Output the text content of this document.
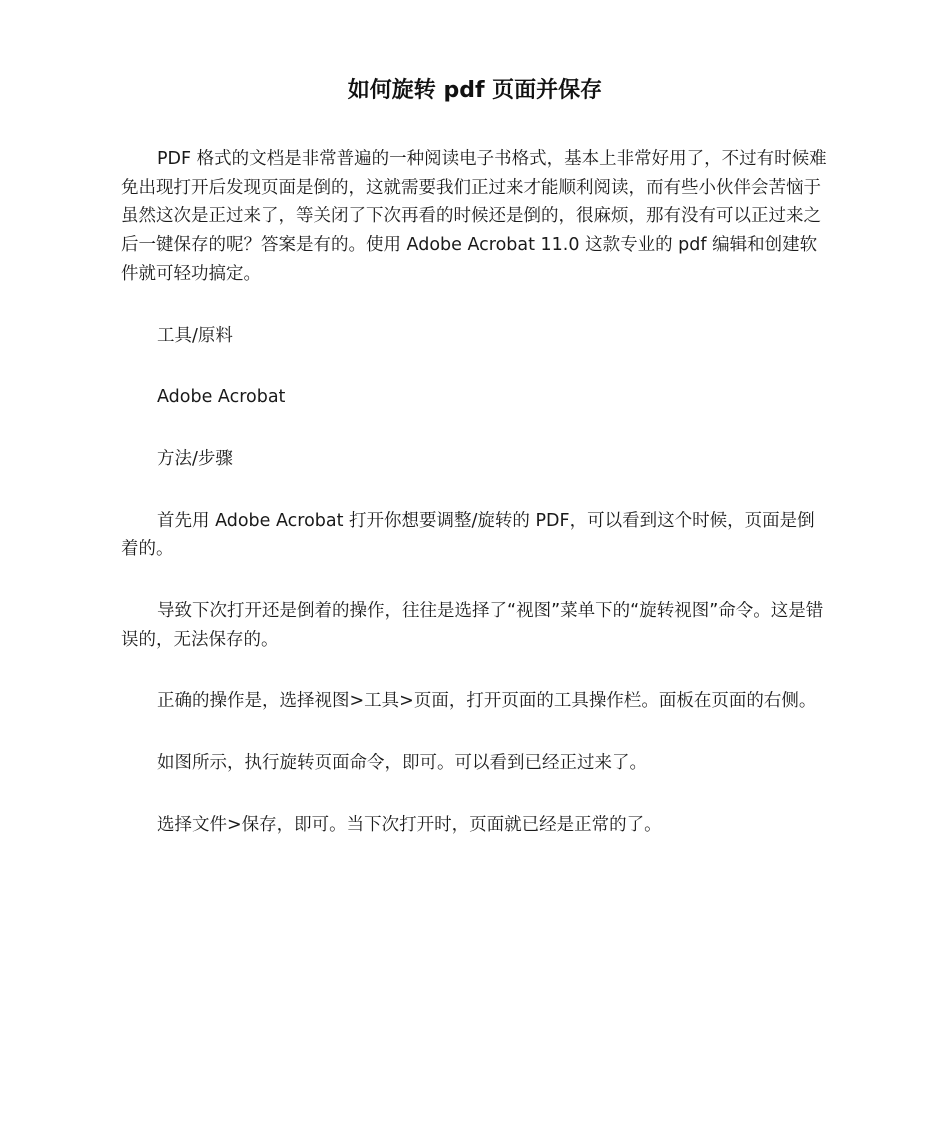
如何旋转 pdf 页面并保存

PDF 格式的文档是非常普遍的一种阅读电子书格式，基本上非常好用了，不过有时候难免出现打开后发现页面是倒的，这就需要我们正过来才能顺利阅读，而有些小伙伴会苦恼于虽然这次是正过来了，等关闭了下次再看的时候还是倒的，很麻烦，那有没有可以正过来之后一键保存的呢？答案是有的。使用 Adobe Acrobat 11.0 这款专业的 pdf 编辑和创建软件就可轻功搞定。

工具/原料

Adobe Acrobat

方法/步骤

首先用 Adobe Acrobat 打开你想要调整/旋转的 PDF，可以看到这个时候，页面是倒着的。

导致下次打开还是倒着的操作，往往是选择了“视图”菜单下的“旋转视图”命令。这是错误的，无法保存的。

正确的操作是，选择视图>工具>页面，打开页面的工具操作栏。面板在页面的右侧。

如图所示，执行旋转页面命令，即可。可以看到已经正过来了。

选择文件>保存，即可。当下次打开时，页面就已经是正常的了。
